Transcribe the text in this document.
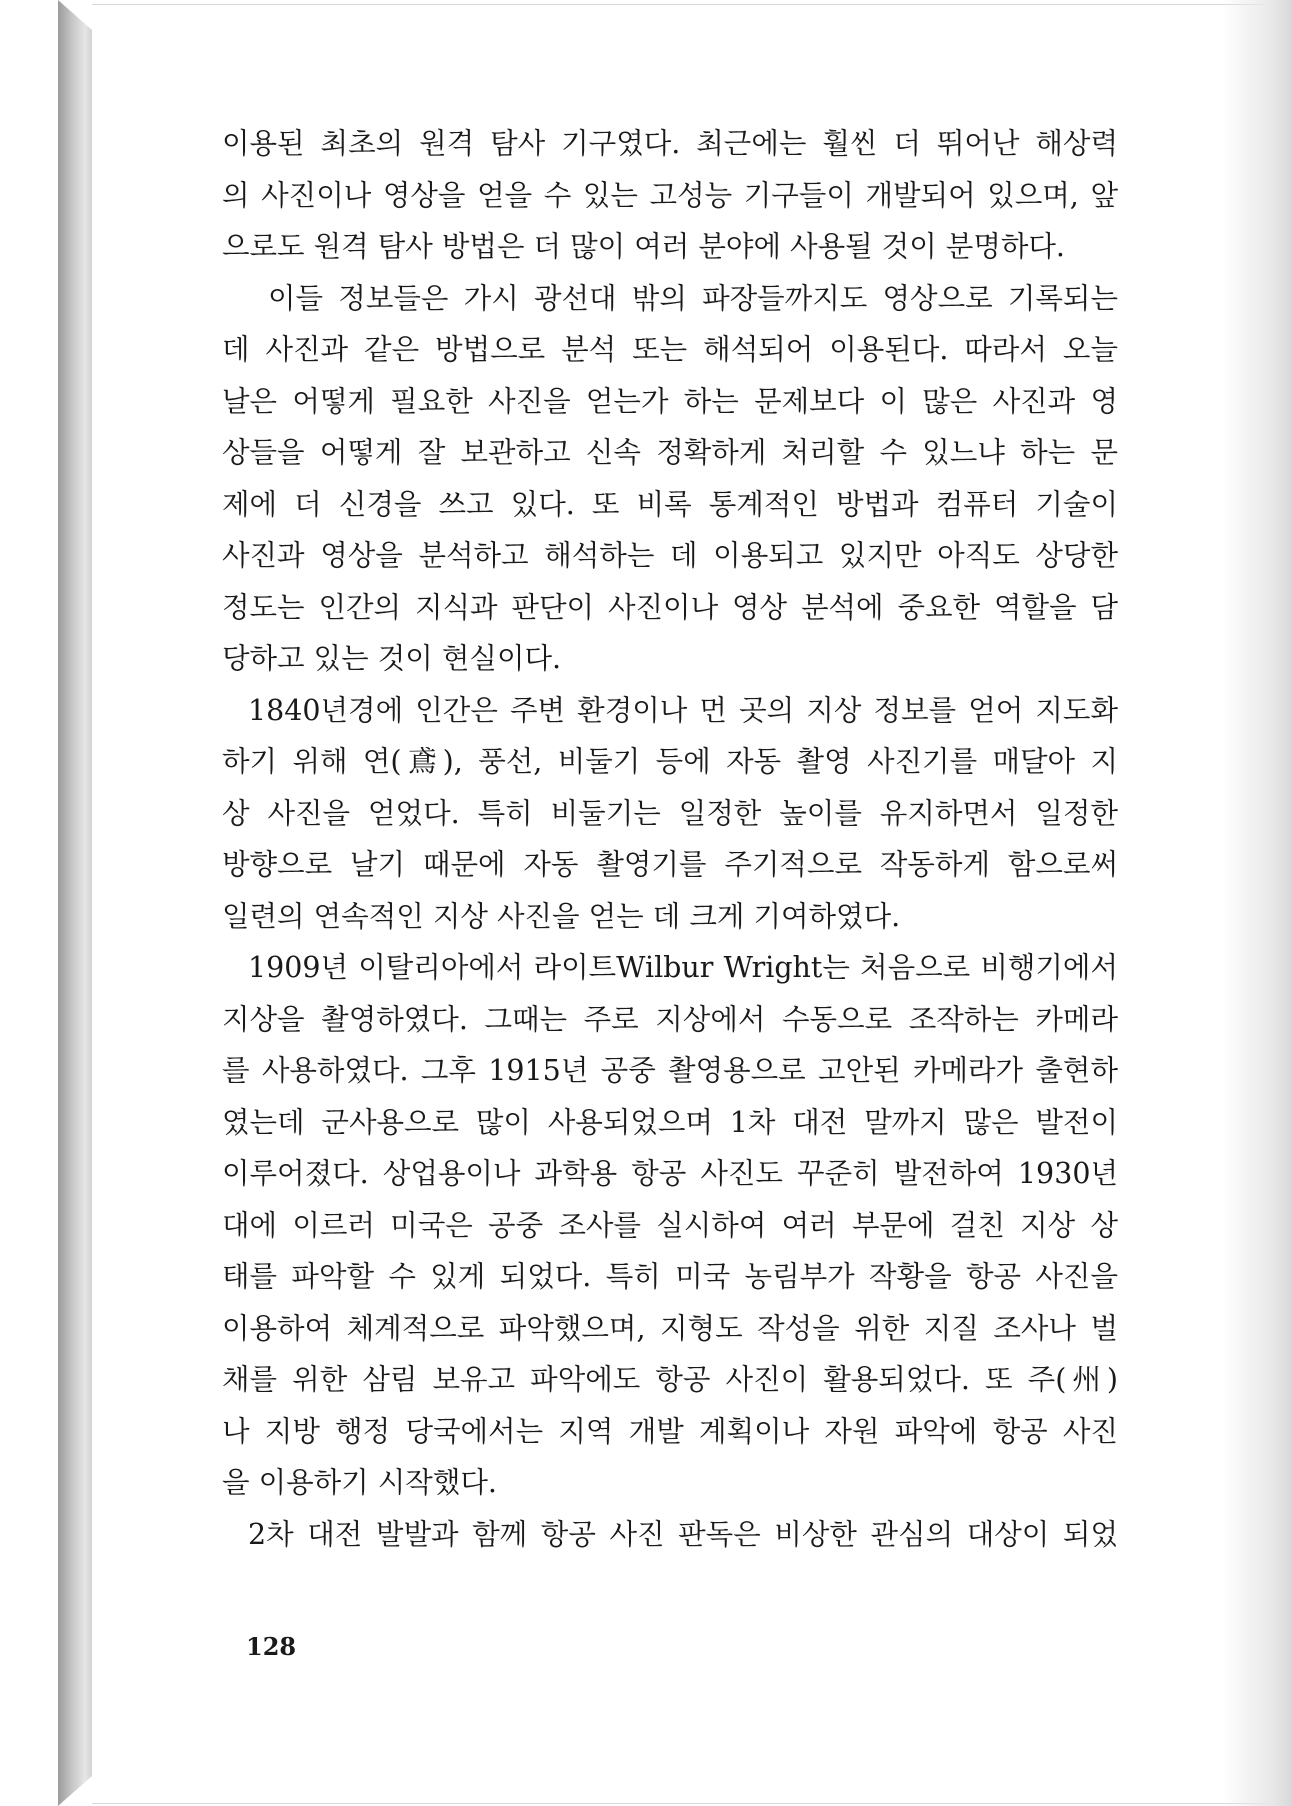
이용된 최초의 원격 탐사 기구였다. 최근에는 훨씬 더 뛰어난 해상력
의 사진이나 영상을 얻을 수 있는 고성능 기구들이 개발되어 있으며, 앞
으로도 원격 탐사 방법은 더 많이 여러 분야에 사용될 것이 분명하다.
이들 정보들은 가시 광선대 밖의 파장들까지도 영상으로 기록되는
데 사진과 같은 방법으로 분석 또는 해석되어 이용된다. 따라서 오늘
날은 어떻게 필요한 사진을 얻는가 하는 문제보다 이 많은 사진과 영
상들을 어떻게 잘 보관하고 신속 정확하게 처리할 수 있느냐 하는 문
제에 더 신경을 쓰고 있다. 또 비록 통계적인 방법과 컴퓨터 기술이
사진과 영상을 분석하고 해석하는 데 이용되고 있지만 아직도 상당한
정도는 인간의 지식과 판단이 사진이나 영상 분석에 중요한 역할을 담
당하고 있는 것이 현실이다.
1840년경에 인간은 주변 환경이나 먼 곳의 지상 정보를 얻어 지도화
하기 위해 연(鳶), 풍선, 비둘기 등에 자동 촬영 사진기를 매달아 지
상 사진을 얻었다. 특히 비둘기는 일정한 높이를 유지하면서 일정한
방향으로 날기 때문에 자동 촬영기를 주기적으로 작동하게 함으로써
일련의 연속적인 지상 사진을 얻는 데 크게 기여하였다.
1909년 이탈리아에서 라이트Wilbur Wright는 처음으로 비행기에서
지상을 촬영하였다. 그때는 주로 지상에서 수동으로 조작하는 카메라
를 사용하였다. 그후 1915년 공중 촬영용으로 고안된 카메라가 출현하
였는데 군사용으로 많이 사용되었으며 1차 대전 말까지 많은 발전이
이루어졌다. 상업용이나 과학용 항공 사진도 꾸준히 발전하여 1930년
대에 이르러 미국은 공중 조사를 실시하여 여러 부문에 걸친 지상 상
태를 파악할 수 있게 되었다. 특히 미국 농림부가 작황을 항공 사진을
이용하여 체계적으로 파악했으며, 지형도 작성을 위한 지질 조사나 벌
채를 위한 삼림 보유고 파악에도 항공 사진이 활용되었다. 또 주(州)
나 지방 행정 당국에서는 지역 개발 계획이나 자원 파악에 항공 사진
을 이용하기 시작했다.
2차 대전 발발과 함께 항공 사진 판독은 비상한 관심의 대상이 되었
128
